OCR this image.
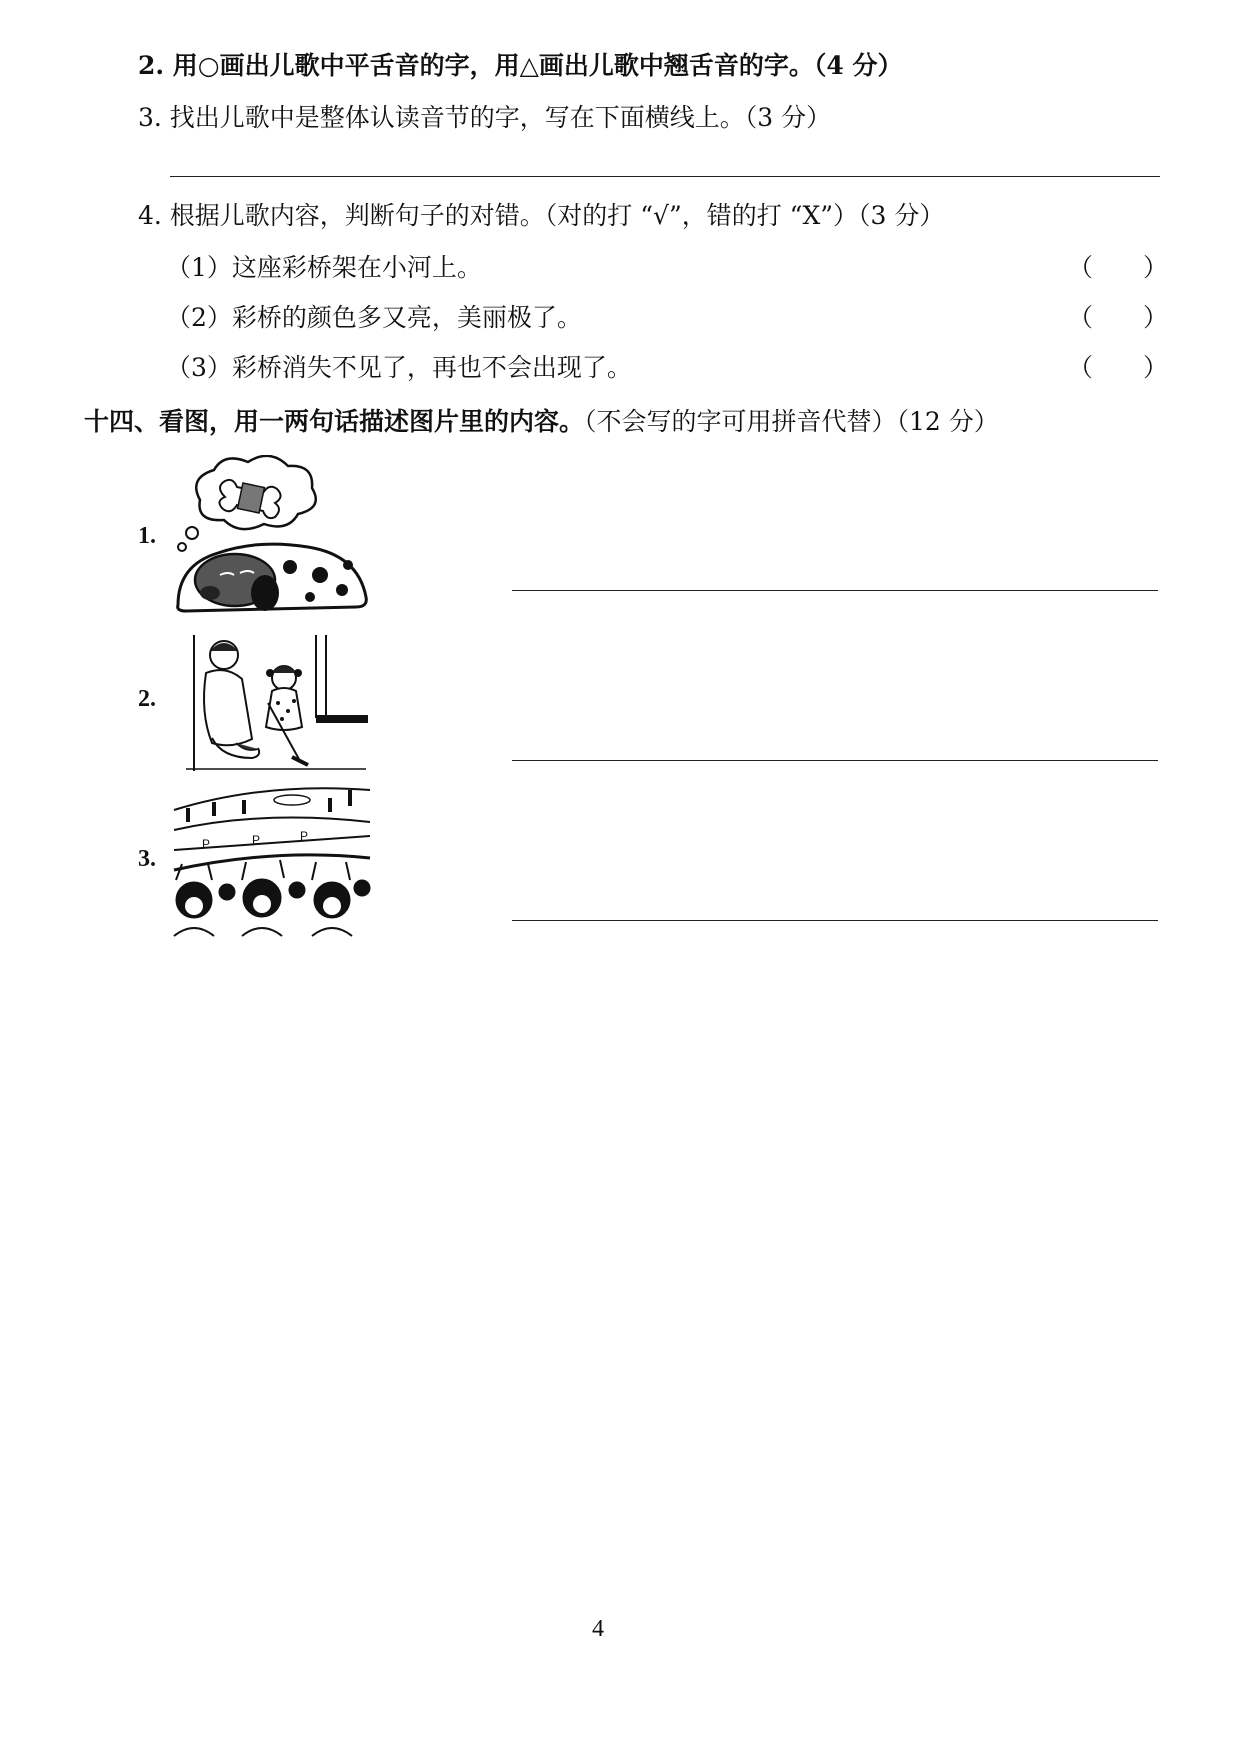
2. 用○画出儿歌中平舌音的字，用△画出儿歌中翘舌音的字。（4 分）
3. 找出儿歌中是整体认读音节的字，写在下面横线上。（3 分）
4. 根据儿歌内容，判断句子的对错。（对的打 “√”，错的打 “X”）（3 分）
（1）这座彩桥架在小河上。	（　　）
（2）彩桥的颜色多又亮，美丽极了。	（　　）
（3）彩桥消失不见了，再也不会出现了。	（　　）
十四、看图，用一两句话描述图片里的内容。（不会写的字可用拼音代替）（12 分）
1.
2.
3.
P	P	P
4
